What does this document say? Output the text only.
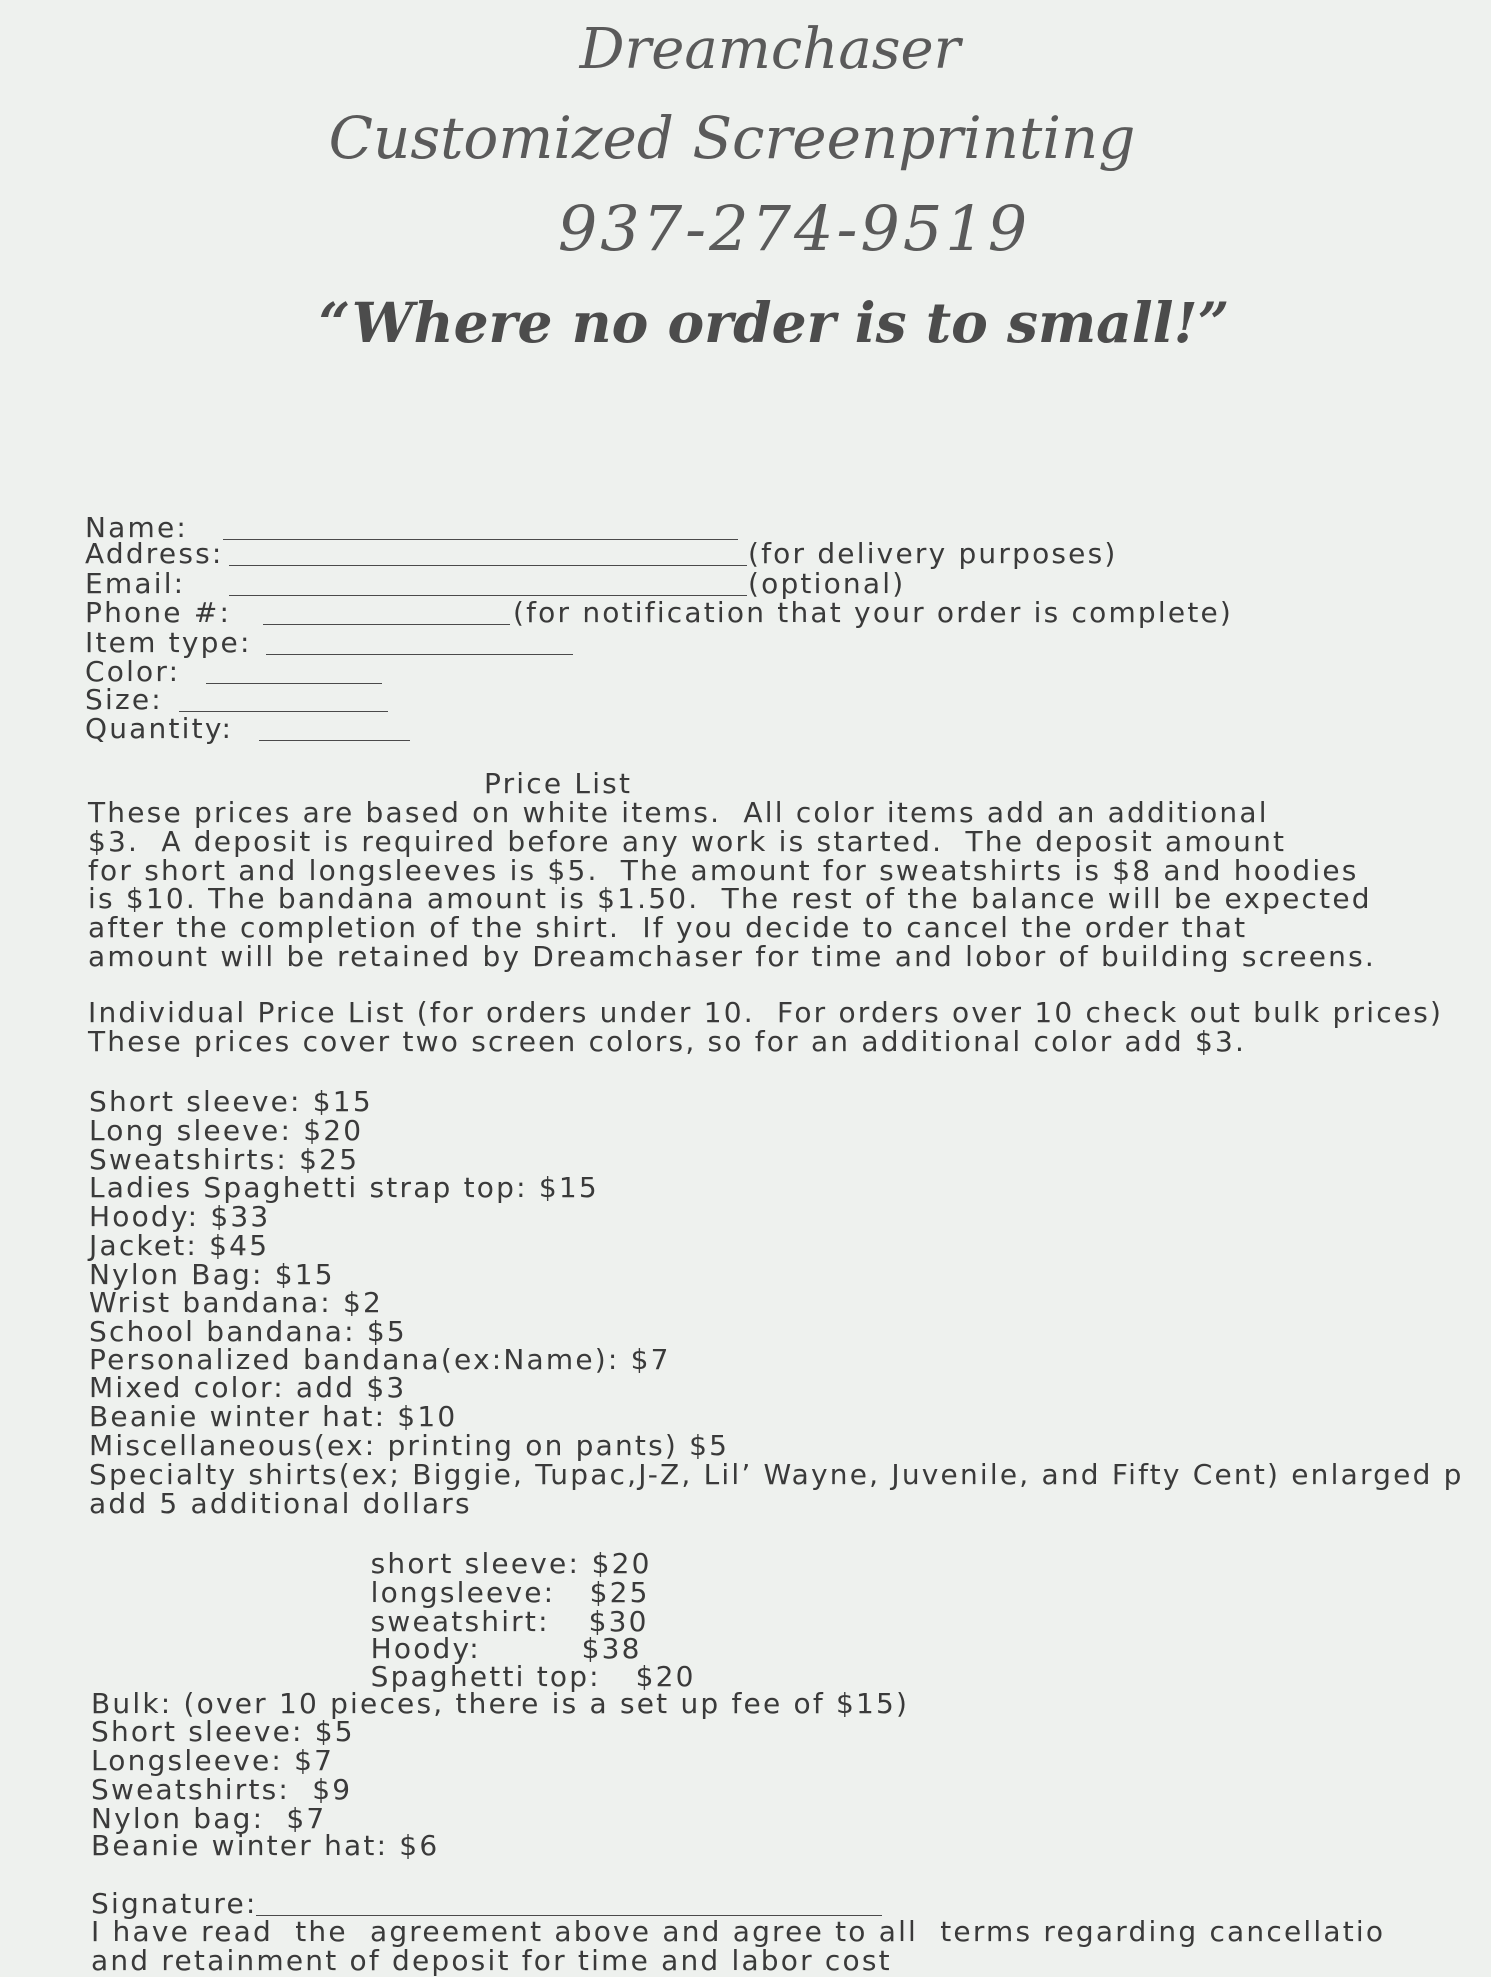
Dreamchaser
Customized Screenprinting
937-274-9519
“Where no order is to small!”
Name:
Address:	(for delivery purposes)
Email:	(optional)
Phone #:	(for notification that your order is complete)
Item type:
Color:
Size:
Quantity:
Price List
These prices are based on white items.  All color items add an additional
$3.  A deposit is required before any work is started.  The deposit amount
for short and longsleeves is $5.  The amount for sweatshirts is $8 and hoodies
is $10. The bandana amount is $1.50.  The rest of the balance will be expected
after the completion of the shirt.  If you decide to cancel the order that
amount will be retained by Dreamchaser for time and lobor of building screens.
Individual Price List (for orders under 10.  For orders over 10 check out bulk prices)
These prices cover two screen colors, so for an additional color add $3.
Short sleeve: $15
Long sleeve: $20
Sweatshirts: $25
Ladies Spaghetti strap top: $15
Hoody: $33
Jacket: $45
Nylon Bag: $15
Wrist bandana: $2
School bandana: $5
Personalized bandana(ex:Name): $7
Mixed color: add $3
Beanie winter hat: $10
Miscellaneous(ex: printing on pants) $5
Specialty shirts(ex; Biggie, Tupac,J-Z, Lil’ Wayne, Juvenile, and Fifty Cent) enlarged p
add 5 additional dollars

short sleeve: $20

longsleeve: $25

sweatshirt: $30

Hoody:	$38

Spaghetti top: $20

Bulk: (over 10 pieces, there is a set up fee of $15)
Short sleeve: $5
Longsleeve: $7
Sweatshirts:  $9
Nylon bag:  $7
Beanie winter hat: $6
Signature:
I have read  the  agreement above and agree to all  terms regarding cancellatio
and retainment of deposit for time and labor cost
